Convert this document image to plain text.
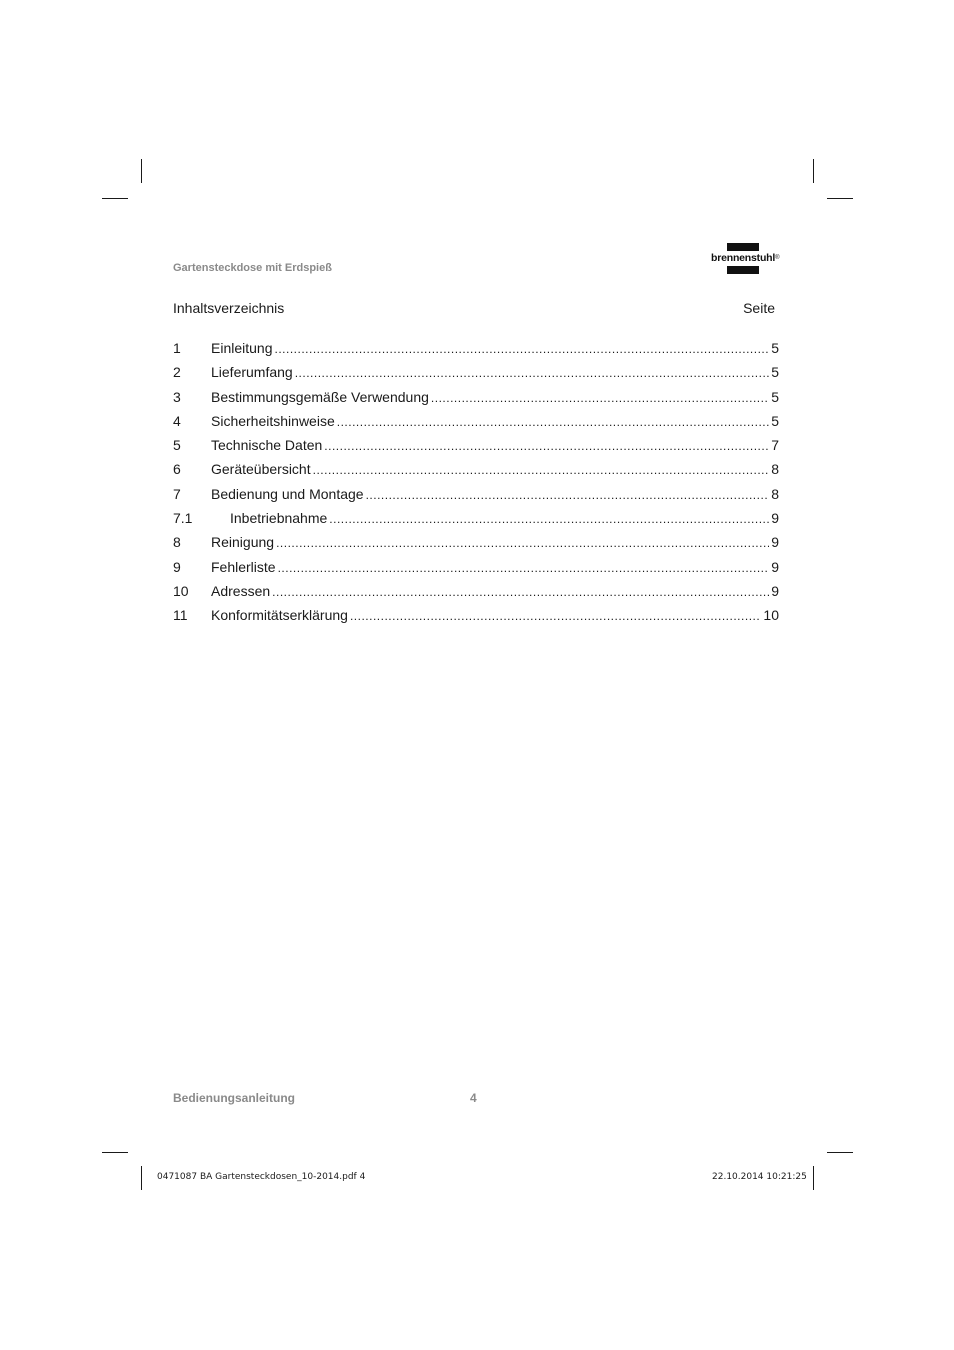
Gartensteckdose mit Erdspieß
brennenstuhl®
Inhaltsverzeichnis	Seite
1	Einleitung .....	5
2	Lieferumfang .....	5
3	Bestimmungsgemäße Verwendung .....	5
4	Sicherheitshinweise .....	5
5	Technische Daten .....	7
6	Geräteübersicht .....	8
7	Bedienung und Montage .....	8
7.1	Inbetriebnahme .....	9
8	Reinigung .....	9
9	Fehlerliste .....	9
10	Adressen .....	9
11	Konformitätserklärung .....	10
Bedienungsanleitung	4
0471087 BA Gartensteckdosen_10-2014.pdf 4	22.10.2014 10:21:25
